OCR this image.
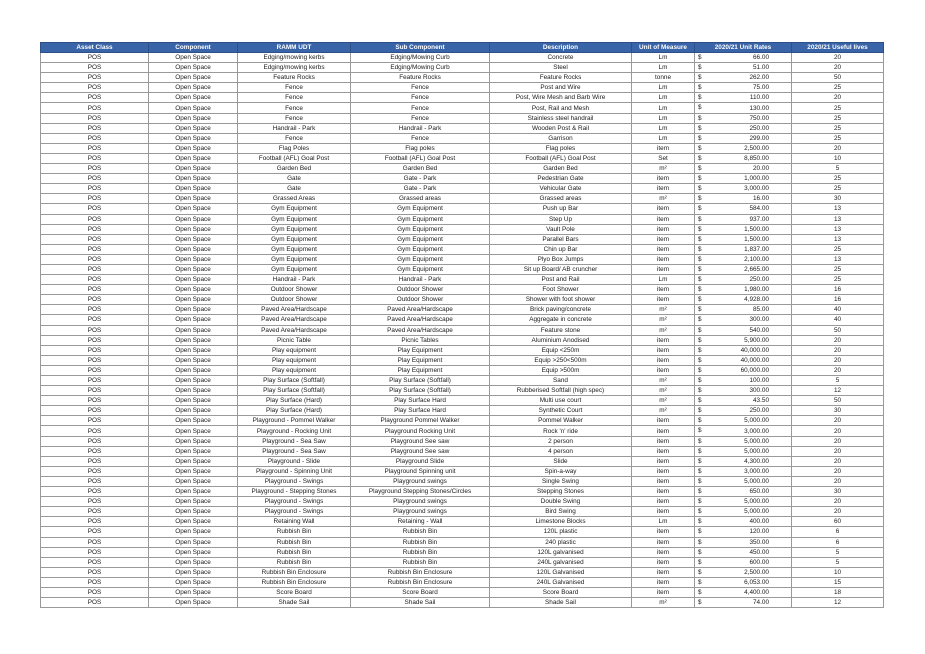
Asset Class	Component	RAMM UDT	Sub Component	Description	Unit of Measure	2020/21 Unit Rates	2020/21 Useful lives
POS	Open Space	Edging/mowing kerbs	Edging/Mowing Curb	Concrete	Lm	$ 66.00	20
POS	Open Space	Edging/mowing kerbs	Edging/Mowing Curb	Steel	Lm	$ 51.00	20
POS	Open Space	Feature Rocks	Feature Rocks	Feature Rocks	tonne	$ 262.00	50
POS	Open Space	Fence	Fence	Post and Wire	Lm	$ 75.00	25
POS	Open Space	Fence	Fence	Post, Wire Mesh and Barb Wire	Lm	$ 110.00	20
POS	Open Space	Fence	Fence	Post, Rail and Mesh	Lm	$ 130.00	25
POS	Open Space	Fence	Fence	Stainless steel handrail	Lm	$ 750.00	25
POS	Open Space	Handrail - Park	Handrail - Park	Wooden Post & Rail	Lm	$ 250.00	25
POS	Open Space	Fence	Fence	Garrison	Lm	$ 299.00	25
POS	Open Space	Flag Poles	Flag poles	Flag poles	item	$ 2,500.00	20
POS	Open Space	Football (AFL) Goal Post	Football (AFL) Goal Post	Football (AFL) Goal Post	Set	$ 8,850.00	10
POS	Open Space	Garden Bed	Garden Bed	Garden Bed	m²	$ 20.00	5
POS	Open Space	Gate	Gate - Park	Pedestrian Gate	item	$ 1,000.00	25
POS	Open Space	Gate	Gate - Park	Vehicular Gate	item	$ 3,000.00	25
POS	Open Space	Grassed Areas	Grassed areas	Grassed areas	m²	$ 16.00	30
POS	Open Space	Gym Equipment	Gym Equipment	Push up Bar	item	$ 584.00	13
POS	Open Space	Gym Equipment	Gym Equipment	Step Up	item	$ 937.00	13
POS	Open Space	Gym Equipment	Gym Equipment	Vault Pole	item	$ 1,500.00	13
POS	Open Space	Gym Equipment	Gym Equipment	Parallel Bars	item	$ 1,500.00	13
POS	Open Space	Gym Equipment	Gym Equipment	Chin up Bar	item	$ 1,837.00	25
POS	Open Space	Gym Equipment	Gym Equipment	Plyo Box Jumps	item	$ 2,100.00	13
POS	Open Space	Gym Equipment	Gym Equipment	Sit up Board/ AB cruncher	item	$ 2,665.00	25
POS	Open Space	Handrail - Park	Handrail - Park	Post and Rail	Lm	$ 250.00	25
POS	Open Space	Outdoor Shower	Outdoor Shower	Foot Shower	item	$ 1,980.00	16
POS	Open Space	Outdoor Shower	Outdoor Shower	Shower with foot shower	item	$ 4,928.00	16
POS	Open Space	Paved Area/Hardscape	Paved Area/Hardscape	Brick paving/concrete	m²	$ 85.00	40
POS	Open Space	Paved Area/Hardscape	Paved Area/Hardscape	Aggregate in concrete	m²	$ 300.00	40
POS	Open Space	Paved Area/Hardscape	Paved Area/Hardscape	Feature stone	m²	$ 540.00	50
POS	Open Space	Picnic Table	Picnic Tables	Aluminium Anodised	item	$ 5,900.00	20
POS	Open Space	Play equipment	Play Equipment	Equip <250m	item	$ 40,000.00	20
POS	Open Space	Play equipment	Play Equipment	Equip >250<500m	item	$ 40,000.00	20
POS	Open Space	Play equipment	Play Equipment	Equip >500m	item	$ 60,000.00	20
POS	Open Space	Play Surface (Softfall)	Play Surface (Softfall)	Sand	m²	$ 100.00	5
POS	Open Space	Play Surface (Softfall)	Play Surface (Softfall)	Rubberised Softfall (high spec)	m²	$ 300.00	12
POS	Open Space	Play Surface (Hard)	Play Surface Hard	Multi use court	m²	$ 43.50	50
POS	Open Space	Play Surface (Hard)	Play Surface Hard	Synthetic Court	m²	$ 250.00	30
POS	Open Space	Playground - Pommel Walker	Playground Pommel Walker	Pommel Walker	item	$ 5,000.00	20
POS	Open Space	Playground - Rocking Unit	Playground Rocking Unit	Rock 'n' ride	item	$ 3,000.00	20
POS	Open Space	Playground - Sea Saw	Playground See saw	2 person	item	$ 5,000.00	20
POS	Open Space	Playground - Sea Saw	Playground See saw	4 person	item	$ 5,000.00	20
POS	Open Space	Playground - Slide	Playground Slide	Slide	item	$ 4,300.00	20
POS	Open Space	Playground - Spinning Unit	Playground Spinning unit	Spin-a-way	item	$ 3,000.00	20
POS	Open Space	Playground - Swings	Playground swings	Single Swing	item	$ 5,000.00	20
POS	Open Space	Playground - Stepping Stones	Playground Stepping Stones/Circles	Stepping Stones	item	$ 650.00	30
POS	Open Space	Playground - Swings	Playground swings	Double Swing	item	$ 5,000.00	20
POS	Open Space	Playground - Swings	Playground swings	Bird Swing	item	$ 5,000.00	20
POS	Open Space	Retaining Wall	Retaining - Wall	Limestone Blocks	Lm	$ 400.00	60
POS	Open Space	Rubbish Bin	Rubbish Bin	120L plastic	item	$ 120.00	6
POS	Open Space	Rubbish Bin	Rubbish Bin	240 plastic	item	$ 350.00	6
POS	Open Space	Rubbish Bin	Rubbish Bin	120L galvanised	item	$ 450.00	5
POS	Open Space	Rubbish Bin	Rubbish Bin	240L galvanised	item	$ 600.00	5
POS	Open Space	Rubbish Bin Enclosure	Rubbish Bin Enclosure	120L Galvanised	item	$ 2,500.00	10
POS	Open Space	Rubbish Bin Enclosure	Rubbish Bin Enclosure	240L Galvanised	item	$ 6,053.00	15
POS	Open Space	Score Board	Score Board	Score Board	item	$ 4,400.00	18
POS	Open Space	Shade Sail	Shade Sail	Shade Sail	m²	$ 74.00	12
